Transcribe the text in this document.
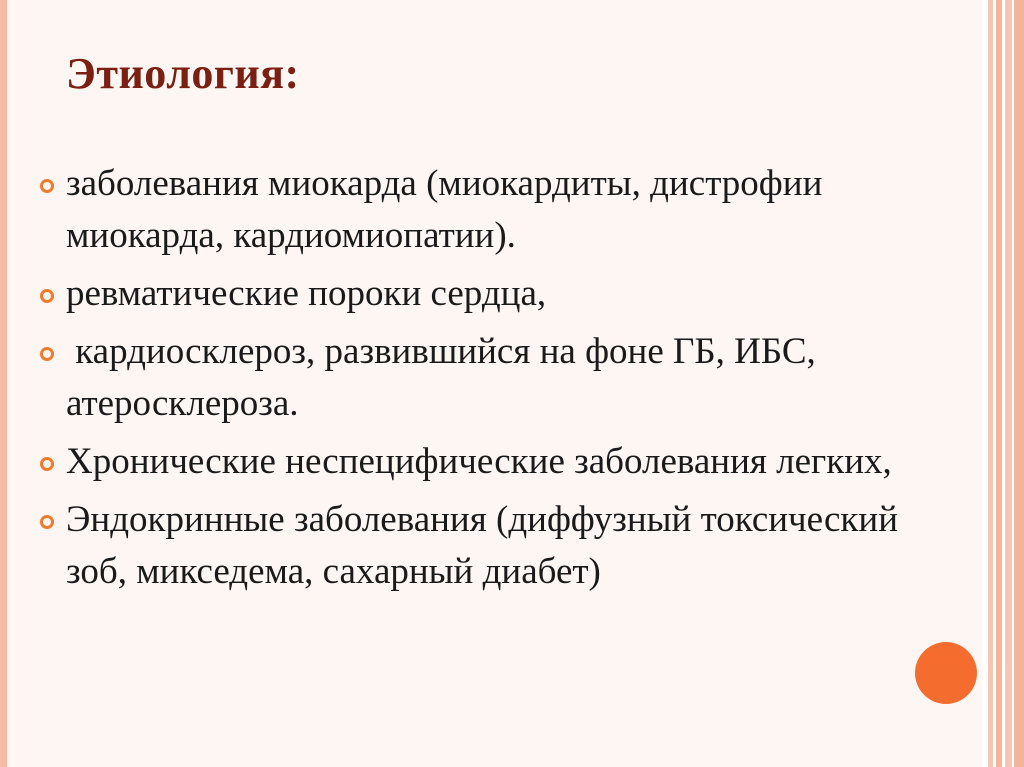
Этиология:
заболевания миокарда (миокардиты, дистрофии миокарда, кардиомиопатии).
ревматические пороки сердца,
кардиосклероз, развившийся на фоне ГБ, ИБС, атеросклероза.
Хронические неспецифические заболевания легких,
Эндокринные заболевания (диффузный токсический зоб, микседема, сахарный диабет)
